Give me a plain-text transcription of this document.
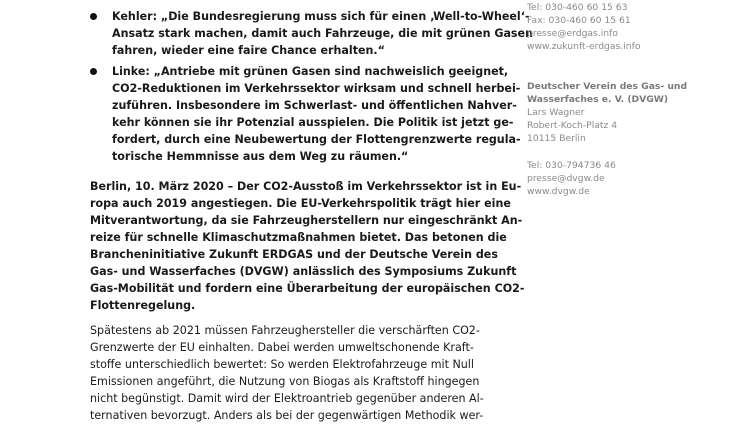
Kehler: „Die Bundesregierung muss sich für einen ‚Well-to-Wheel‘-
Ansatz stark machen, damit auch Fahrzeuge, die mit grünen Gasen
fahren, wieder eine faire Chance erhalten.“
Linke: „Antriebe mit grünen Gasen sind nachweislich geeignet,
CO2-Reduktionen im Verkehrssektor wirksam und schnell herbei-
zuführen. Insbesondere im Schwerlast- und öffentlichen Nahver-
kehr können sie ihr Potenzial ausspielen. Die Politik ist jetzt ge-
fordert, durch eine Neubewertung der Flottengrenzwerte regula-
torische Hemmnisse aus dem Weg zu räumen.“
Berlin, 10. März 2020 – Der CO2-Ausstoß im Verkehrssektor ist in Eu-
ropa auch 2019 angestiegen. Die EU-Verkehrspolitik trägt hier eine
Mitverantwortung, da sie Fahrzeugherstellern nur eingeschränkt An-
reize für schnelle Klimaschutzmaßnahmen bietet. Das betonen die
Brancheninitiative Zukunft ERDGAS und der Deutsche Verein des
Gas- und Wasserfaches (DVGW) anlässlich des Symposiums Zukunft
Gas-Mobilität und fordern eine Überarbeitung der europäischen CO2-
Flottenregelung.
Spätestens ab 2021 müssen Fahrzeughersteller die verschärften CO2-
Grenzwerte der EU einhalten. Dabei werden umweltschonende Kraft-
stoffe unterschiedlich bewertet: So werden Elektrofahrzeuge mit Null
Emissionen angeführt, die Nutzung von Biogas als Kraftstoff hingegen
nicht begünstigt. Damit wird der Elektroantrieb gegenüber anderen Al-
ternativen bevorzugt. Anders als bei der gegenwärtigen Methodik wer-
Tel: 030-460 60 15 63
Fax: 030-460 60 15 61
presse@erdgas.info
www.zukunft-erdgas.info
Deutscher Verein des Gas- und
Wasserfaches e. V. (DVGW)
Lars Wagner
Robert-Koch-Platz 4
10115 Berlin
Tel: 030-794736 46
presse@dvgw.de
www.dvgw.de
